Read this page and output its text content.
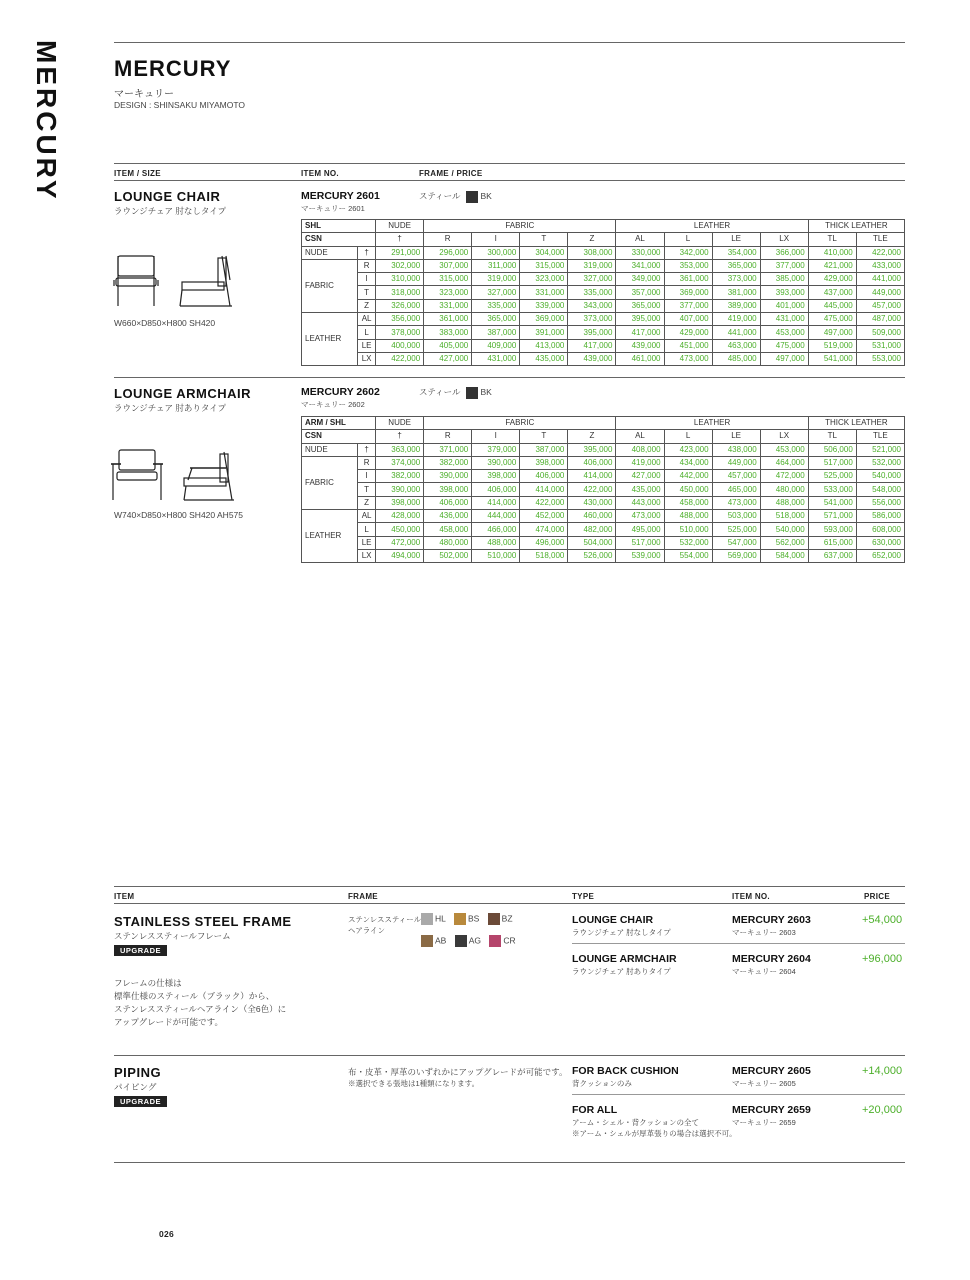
MERCURY MERCURY
マーキュリー
DESIGN : SHINSAKU MIYAMOTO
ITEM / SIZE	ITEM NO.	FRAME / PRICE
LOUNGE CHAIR
ラウンジチェア 肘なしタイプ
MERCURY 2601
マーキュリー 2601
スティール BK
W660×D850×H800 SH420
SHL		NUDE	FABRIC				LEATHER				THICK LEATHER	
CSN		†	R	I	T	Z	AL	L	LE	LX	TL	TLE
NUDE	†	291,000	296,000	300,000	304,000	308,000	330,000	342,000	354,000	366,000	410,000	422,000
FABRIC	R	302,000	307,000	311,000	315,000	319,000	341,000	353,000	365,000	377,000	421,000	433,000
	I	310,000	315,000	319,000	323,000	327,000	349,000	361,000	373,000	385,000	429,000	441,000
	T	318,000	323,000	327,000	331,000	335,000	357,000	369,000	381,000	393,000	437,000	449,000
	Z	326,000	331,000	335,000	339,000	343,000	365,000	377,000	389,000	401,000	445,000	457,000
LEATHER	AL	356,000	361,000	365,000	369,000	373,000	395,000	407,000	419,000	431,000	475,000	487,000
	L	378,000	383,000	387,000	391,000	395,000	417,000	429,000	441,000	453,000	497,000	509,000
	LE	400,000	405,000	409,000	413,000	417,000	439,000	451,000	463,000	475,000	519,000	531,000
	LX	422,000	427,000	431,000	435,000	439,000	461,000	473,000	485,000	497,000	541,000	553,000
LOUNGE ARMCHAIR
ラウンジチェア 肘ありタイプ
MERCURY 2602
マーキュリー 2602
スティール BK
W740×D850×H800 SH420 AH575
ARM / SHL		NUDE	FABRIC				LEATHER				THICK LEATHER	
CSN		†	R	I	T	Z	AL	L	LE	LX	TL	TLE
NUDE	†	363,000	371,000	379,000	387,000	395,000	408,000	423,000	438,000	453,000	506,000	521,000
FABRIC	R	374,000	382,000	390,000	398,000	406,000	419,000	434,000	449,000	464,000	517,000	532,000
	I	382,000	390,000	398,000	406,000	414,000	427,000	442,000	457,000	472,000	525,000	540,000
	T	390,000	398,000	406,000	414,000	422,000	435,000	450,000	465,000	480,000	533,000	548,000
	Z	398,000	406,000	414,000	422,000	430,000	443,000	458,000	473,000	488,000	541,000	556,000
LEATHER	AL	428,000	436,000	444,000	452,000	460,000	473,000	488,000	503,000	518,000	571,000	586,000
	L	450,000	458,000	466,000	474,000	482,000	495,000	510,000	525,000	540,000	593,000	608,000
	LE	472,000	480,000	488,000	496,000	504,000	517,000	532,000	547,000	562,000	615,000	630,000
	LX	494,000	502,000	510,000	518,000	526,000	539,000	554,000	569,000	584,000	637,000	652,000
ITEM	FRAME	TYPE	ITEM NO.	PRICE
STAINLESS STEEL FRAME
ステンレススティールフレーム
UPGRADE
フレームの仕様は
標準仕様のスティール（ブラック）から、
ステンレススティールヘアライン（全6色）に
アップグレードが可能です。
ステンレススティール
ヘアライン
HL	BS	BZ
AB	AG	CR
LOUNGE CHAIR
ラウンジチェア 肘なしタイプ
MERCURY 2603
マーキュリー 2603
+54,000
LOUNGE ARMCHAIR
ラウンジチェア 肘ありタイプ
MERCURY 2604
マーキュリー 2604
+96,000
PIPING
パイピング
UPGRADE
布・皮革・厚革のいずれかにアップグレードが可能です。
※選択できる張地は1種類になります。
FOR BACK CUSHION
背クッションのみ
MERCURY 2605
マーキュリー 2605
+14,000
FOR ALL
アーム・シェル・背クッションの全て
※アーム・シェルが厚革張りの場合は選択不可。
MERCURY 2659
マーキュリー 2659
+20,000
026
